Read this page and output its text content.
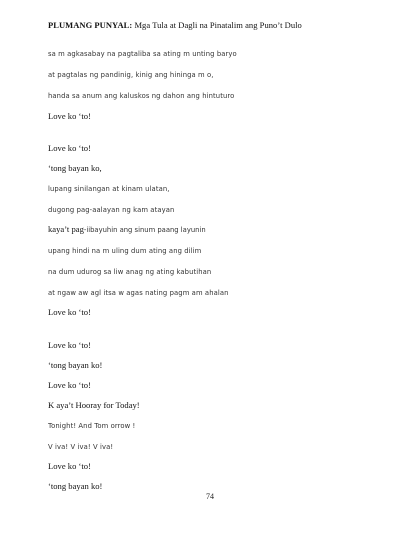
PLUMANG PUNYAL: Mga Tula at Dagli na Pinatalim ang Puno’t Dulo
sa m agkasabay na pagtaliba sa ating m unting baryo
at pagtalas ng pandinig, kinig ang hininga m o,
handa sa anum ang kaluskos ng dahon ang hintuturo
Love ko ‘to!
Love ko ‘to!
‘tong bayan ko,
lupang sinilangan at kinam ulatan,
dugong pag-aalayan ng kam atayan
kaya’t pag-iibayuhin ang sinum paang layunin
upang hindi na m uling dum ating ang dilim
na dum udurog sa liw anag ng ating kabutihan
at ngaw aw agl itsa w agas nating pagm am ahalan
Love ko ‘to!
Love ko ‘to!
‘tong bayan ko!
Love ko ‘to!
K aya’t Hooray for Today!
Tonight! And Tom orrow !
V iva! V iva! V iva!
Love ko ‘to!
‘tong bayan ko!
74
